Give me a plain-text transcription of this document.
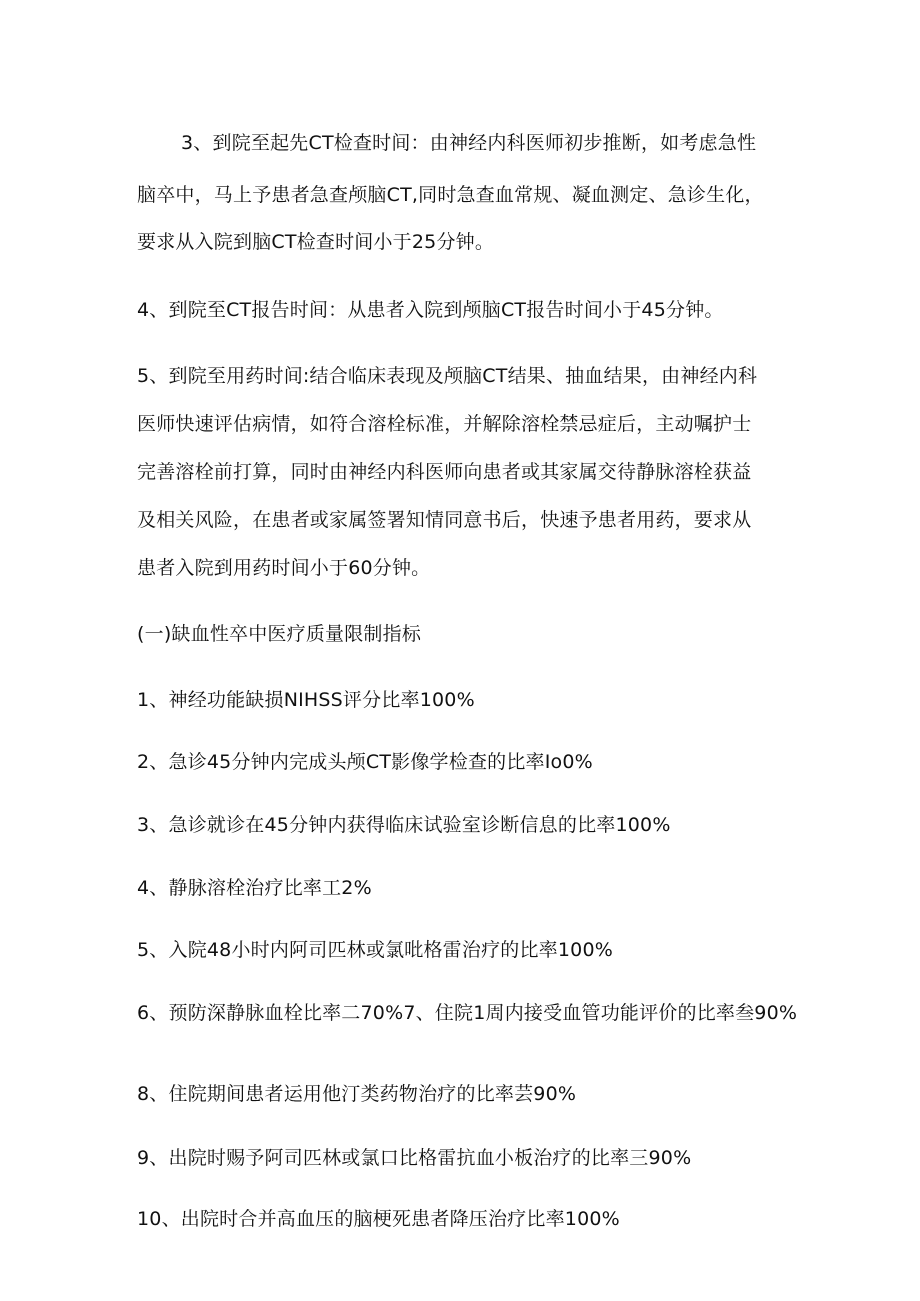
3、到院至起先CT检查时间：由神经内科医师初步推断，如考虑急性
脑卒中，马上予患者急查颅脑CT,同时急查血常规、凝血测定、急诊生化，
要求从入院到脑CT检查时间小于25分钟。
4、到院至CT报告时间：从患者入院到颅脑CT报告时间小于45分钟。
5、到院至用药时间:结合临床表现及颅脑CT结果、抽血结果，由神经内科
医师快速评估病情，如符合溶栓标准，并解除溶栓禁忌症后，主动嘱护士
完善溶栓前打算，同时由神经内科医师向患者或其家属交待静脉溶栓获益
及相关风险，在患者或家属签署知情同意书后，快速予患者用药，要求从
患者入院到用药时间小于60分钟。
(一)缺血性卒中医疗质量限制指标
1、神经功能缺损NIHSS评分比率100%
2、急诊45分钟内完成头颅CT影像学检查的比率Io0%
3、急诊就诊在45分钟内获得临床试验室诊断信息的比率100%
4、静脉溶栓治疗比率工2%
5、入院48小时内阿司匹林或氯吡格雷治疗的比率100%
6、预防深静脉血栓比率二70%7、住院1周内接受血管功能评价的比率叁90%
8、住院期间患者运用他汀类药物治疗的比率芸90%
9、出院时赐予阿司匹林或氯口比格雷抗血小板治疗的比率三90%
10、出院时合并高血压的脑梗死患者降压治疗比率100%
